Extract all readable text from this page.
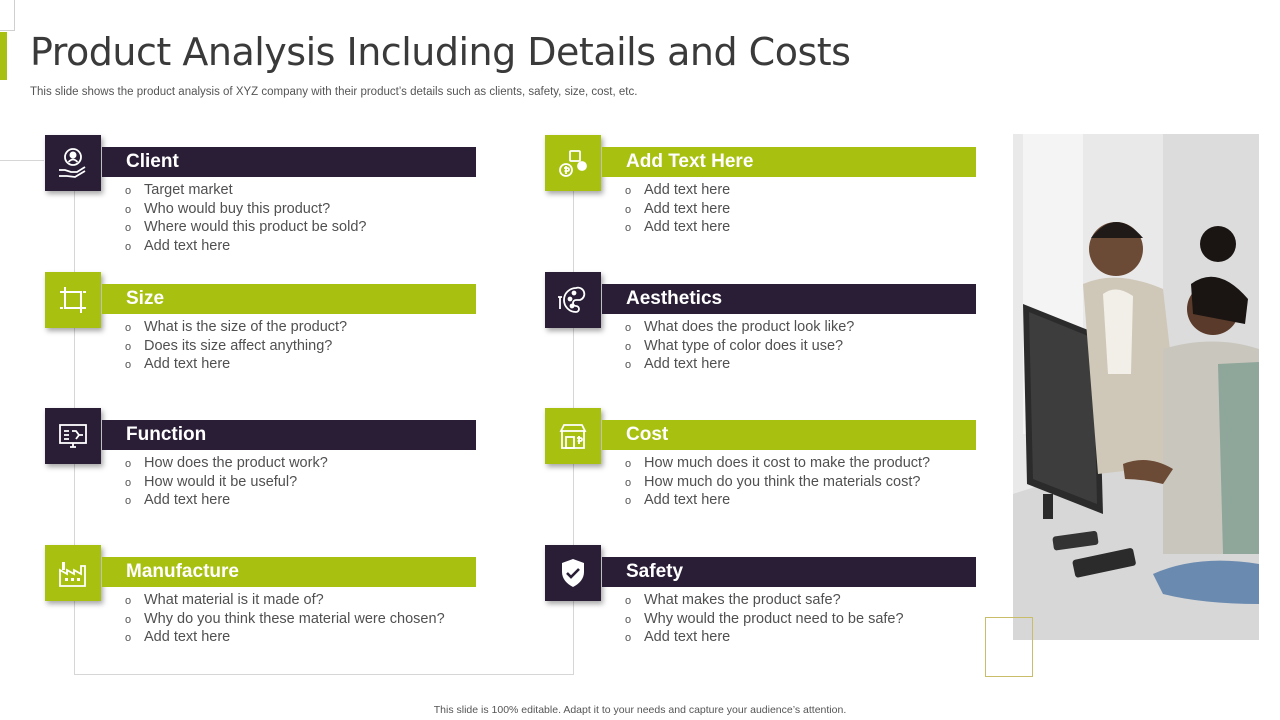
Product Analysis Including Details and Costs
This slide shows the product analysis of XYZ company with their product’s details such as clients, safety, size, cost, etc.
Client
o Target market
o Who would buy this product?
o Where would this product be sold?
o Add text here
Size
o What is the size of the product?
o Does its size affect anything?
o Add text here
Function
o How does the product work?
o How would it be useful?
o Add text here
Manufacture
o What material is it made of?
o Why do you think these material were chosen?
o Add text here
Add Text Here
o Add text here
o Add text here
o Add text here
Aesthetics
o What does the product look like?
o What type of color does it use?
o Add text here
Cost
o How much does it cost to make the product?
o How much do you think the materials cost?
o Add text here
Safety
o What makes the product safe?
o Why would the product need to be safe?
o Add text here
This slide is 100% editable. Adapt it to your needs and capture your audience’s attention.
